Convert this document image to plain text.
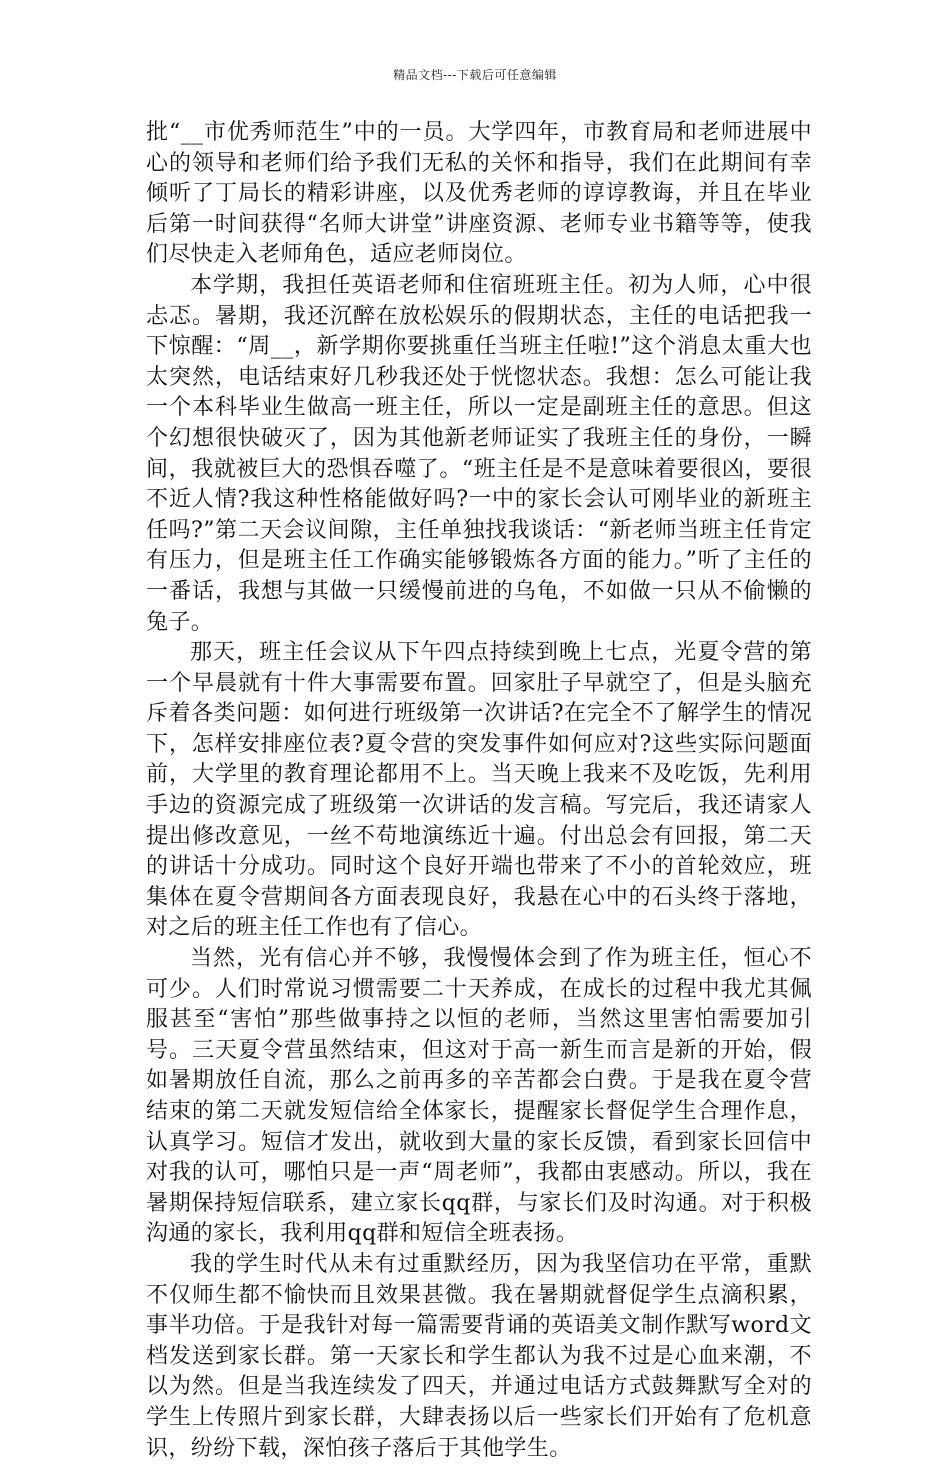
精品文档---下载后可任意编辑

批“__市优秀师范生”中的一员。大学四年，市教育局和老师进展中心的领导和老师们给予我们无私的关怀和指导，我们在此期间有幸倾听了丁局长的精彩讲座，以及优秀老师的谆谆教诲，并且在毕业后第一时间获得“名师大讲堂”讲座资源、老师专业书籍等等，使我们尽快走入老师角色，适应老师岗位。

本学期，我担任英语老师和住宿班班主任。初为人师，心中很忐忑。暑期，我还沉醉在放松娱乐的假期状态，主任的电话把我一下惊醒：“周__，新学期你要挑重任当班主任啦!”这个消息太重大也太突然，电话结束好几秒我还处于恍惚状态。我想：怎么可能让我一个本科毕业生做高一班主任，所以一定是副班主任的意思。但这个幻想很快破灭了，因为其他新老师证实了我班主任的身份，一瞬间，我就被巨大的恐惧吞噬了。“班主任是不是意味着要很凶，要很不近人情?我这种性格能做好吗?一中的家长会认可刚毕业的新班主任吗?”第二天会议间隙，主任单独找我谈话：“新老师当班主任肯定有压力，但是班主任工作确实能够锻炼各方面的能力。”听了主任的一番话，我想与其做一只缓慢前进的乌龟，不如做一只从不偷懒的兔子。

那天，班主任会议从下午四点持续到晚上七点，光夏令营的第一个早晨就有十件大事需要布置。回家肚子早就空了，但是头脑充斥着各类问题：如何进行班级第一次讲话?在完全不了解学生的情况下，怎样安排座位表?夏令营的突发事件如何应对?这些实际问题面前，大学里的教育理论都用不上。当天晚上我来不及吃饭，先利用手边的资源完成了班级第一次讲话的发言稿。写完后，我还请家人提出修改意见，一丝不苟地演练近十遍。付出总会有回报，第二天的讲话十分成功。同时这个良好开端也带来了不小的首轮效应，班集体在夏令营期间各方面表现良好，我悬在心中的石头终于落地，对之后的班主任工作也有了信心。

当然，光有信心并不够，我慢慢体会到了作为班主任，恒心不可少。人们时常说习惯需要二十天养成，在成长的过程中我尤其佩服甚至“害怕”那些做事持之以恒的老师，当然这里害怕需要加引号。三天夏令营虽然结束，但这对于高一新生而言是新的开始，假如暑期放任自流，那么之前再多的辛苦都会白费。于是我在夏令营结束的第二天就发短信给全体家长，提醒家长督促学生合理作息，认真学习。短信才发出，就收到大量的家长反馈，看到家长回信中对我的认可，哪怕只是一声“周老师”，我都由衷感动。所以，我在暑期保持短信联系，建立家长qq群，与家长们及时沟通。对于积极沟通的家长，我利用qq群和短信全班表扬。

我的学生时代从未有过重默经历，因为我坚信功在平常，重默不仅师生都不愉快而且效果甚微。我在暑期就督促学生点滴积累，事半功倍。于是我针对每一篇需要背诵的英语美文制作默写word文档发送到家长群。第一天家长和学生都认为我不过是心血来潮，不以为然。但是当我连续发了四天，并通过电话方式鼓舞默写全对的学生上传照片到家长群，大肆表扬以后一些家长们开始有了危机意识，纷纷下载，深怕孩子落后于其他学生。
